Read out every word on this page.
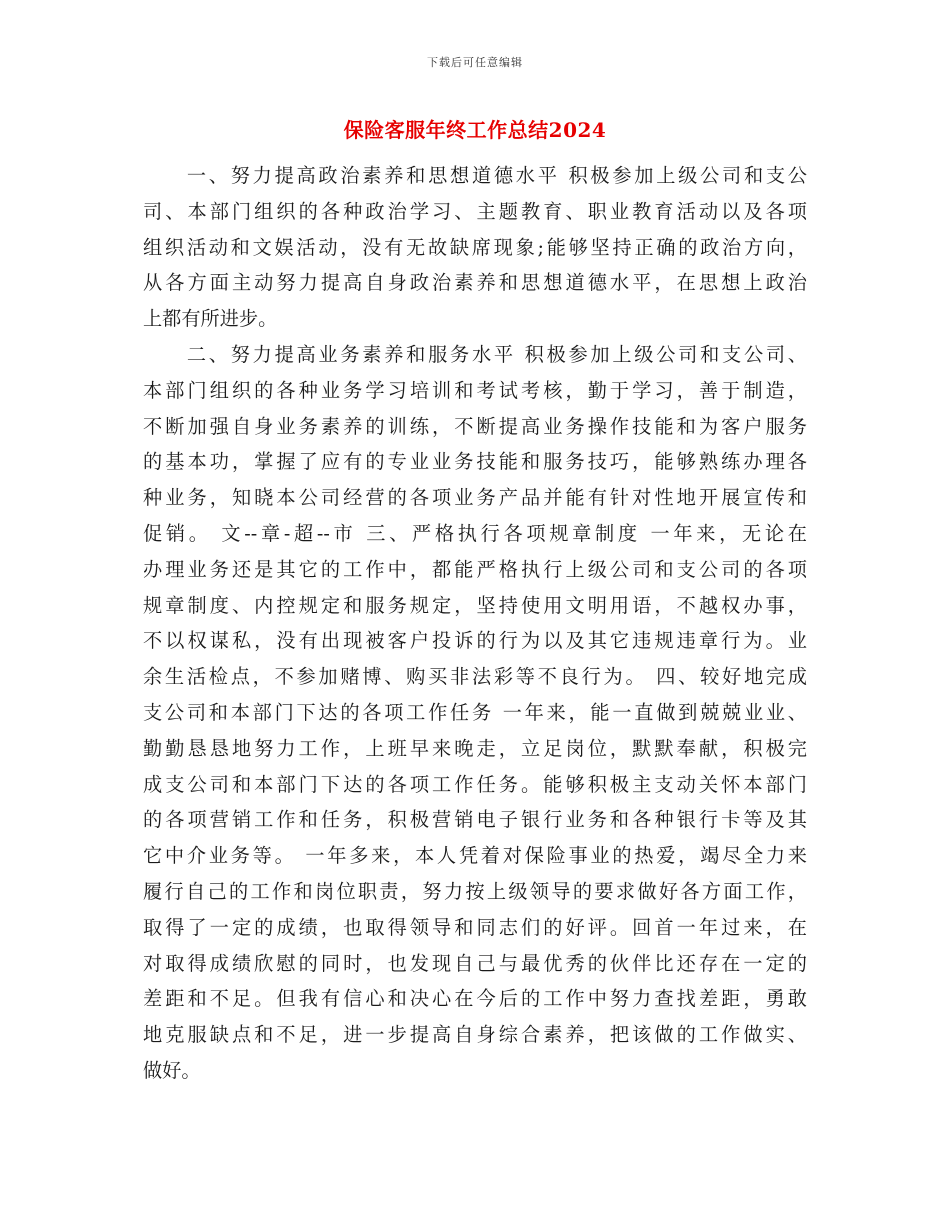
下载后可任意编辑
保险客服年终工作总结2024
　　一、努力提高政治素养和思想道德水平 积极参加上级公司和支公
司、本部门组织的各种政治学习、主题教育、职业教育活动以及各项
组织活动和文娱活动，没有无故缺席现象;能够坚持正确的政治方向，
从各方面主动努力提高自身政治素养和思想道德水平，在思想上政治
上都有所进步。
　　二、努力提高业务素养和服务水平 积极参加上级公司和支公司、
本部门组织的各种业务学习培训和考试考核，勤于学习，善于制造，
不断加强自身业务素养的训练，不断提高业务操作技能和为客户服务
的基本功，掌握了应有的专业业务技能和服务技巧，能够熟练办理各
种业务，知晓本公司经营的各项业务产品并能有针对性地开展宣传和
促销。 文--章-超--市 三、严格执行各项规章制度 一年来，无论在
办理业务还是其它的工作中，都能严格执行上级公司和支公司的各项
规章制度、内控规定和服务规定，坚持使用文明用语，不越权办事，
不以权谋私，没有出现被客户投诉的行为以及其它违规违章行为。业
余生活检点，不参加赌博、购买非法彩等不良行为。 四、较好地完成
支公司和本部门下达的各项工作任务 一年来，能一直做到兢兢业业、
勤勤恳恳地努力工作，上班早来晚走，立足岗位，默默奉献，积极完
成支公司和本部门下达的各项工作任务。能够积极主支动关怀本部门
的各项营销工作和任务，积极营销电子银行业务和各种银行卡等及其
它中介业务等。 一年多来，本人凭着对保险事业的热爱，竭尽全力来
履行自己的工作和岗位职责，努力按上级领导的要求做好各方面工作，
取得了一定的成绩，也取得领导和同志们的好评。回首一年过来，在
对取得成绩欣慰的同时，也发现自己与最优秀的伙伴比还存在一定的
差距和不足。但我有信心和决心在今后的工作中努力查找差距，勇敢
地克服缺点和不足，进一步提高自身综合素养，把该做的工作做实、
做好。
